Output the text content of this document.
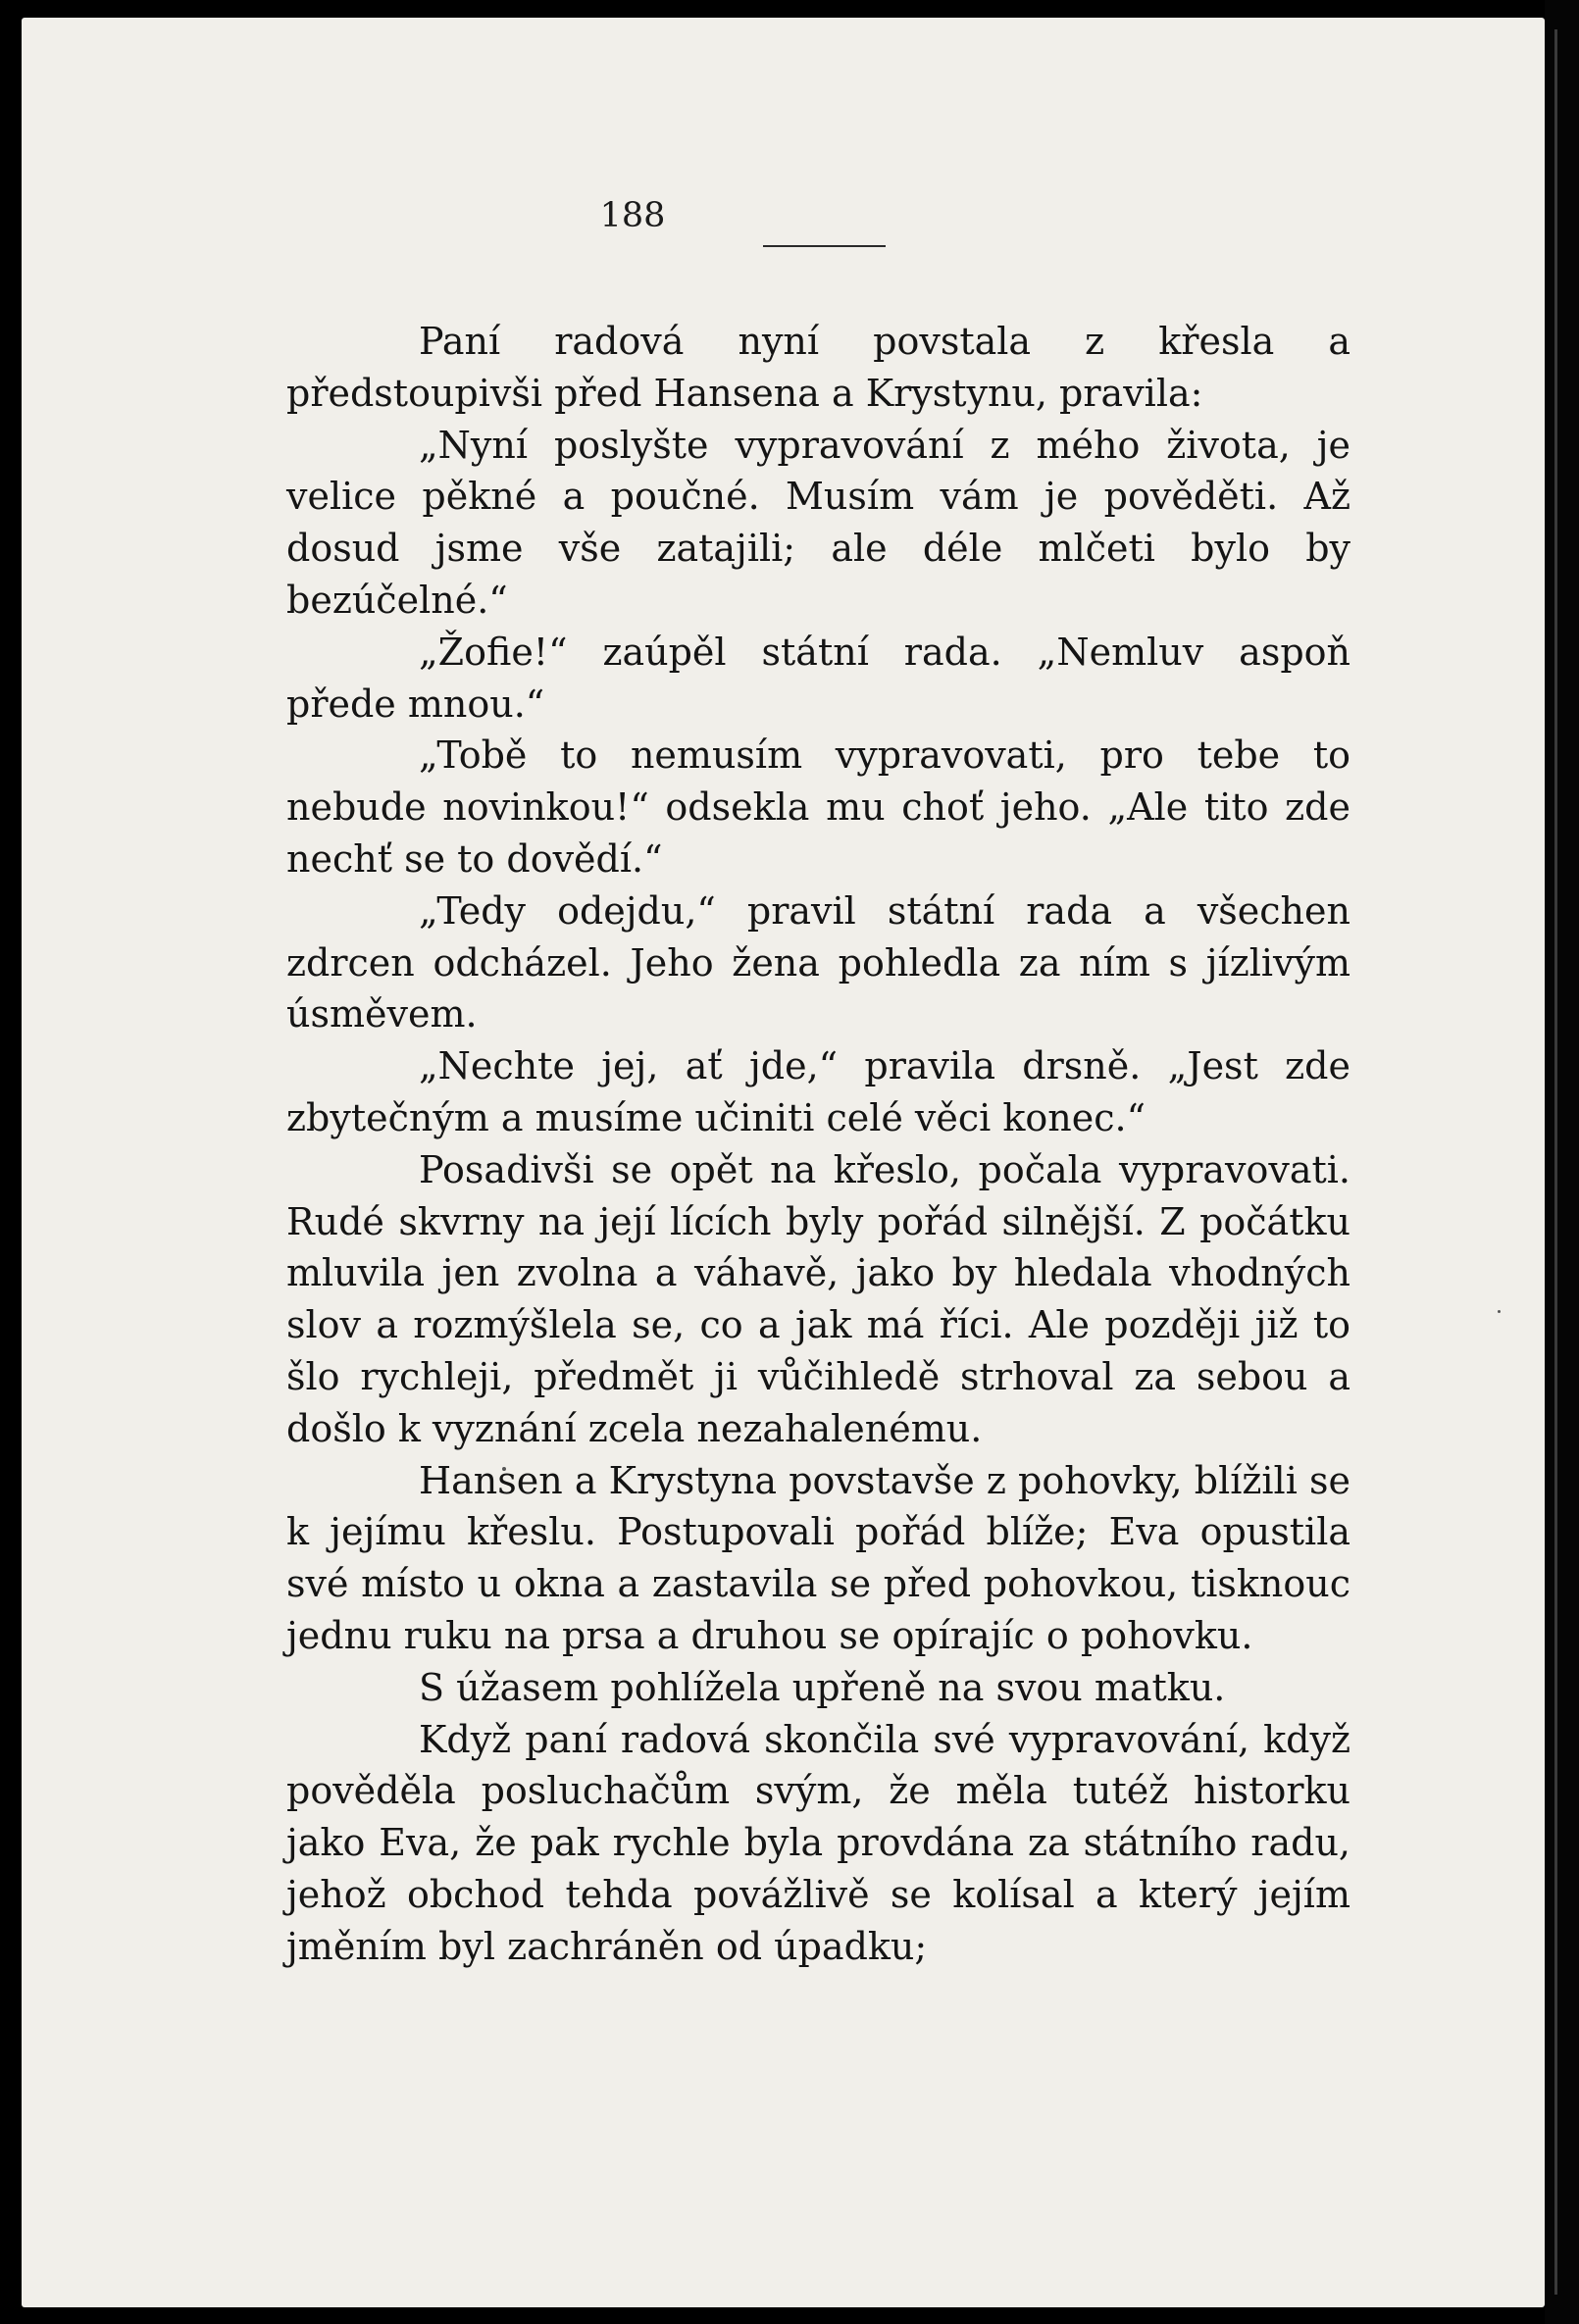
188

Paní radová nyní povstala z křesla a předstoupivši před Hansena a Krystynu, pravila:

„Nyní poslyšte vypravování z mého života, je velice pěkné a poučné. Musím vám je pověděti. Až dosud jsme vše zatajili; ale déle mlčeti bylo by bezúčelné.“

„Žofie!“ zaúpěl státní rada. „Nemluv aspoň přede mnou.“

„Tobě to nemusím vypravovati, pro tebe to nebude novinkou!“ odsekla mu choť jeho. „Ale tito zde nechť se to dovědí.“

„Tedy odejdu,“ pravil státní rada a všechen zdrcen odcházel. Jeho žena pohledla za ním s jízlivým úsměvem.

„Nechte jej, ať jde,“ pravila drsně. „Jest zde zbytečným a musíme učiniti celé věci konec.“

Posadivši se opět na křeslo, počala vypravovati. Rudé skvrny na její lících byly pořád silnější. Z počátku mluvila jen zvolna a váhavě, jako by hledala vhodných slov a rozmýšlela se, co a jak má říci. Ale později již to šlo rychleji, předmět ji vůčihledě strhoval za sebou a došlo k vyznání zcela nezahalenému.

Hansen a Krystyna povstavše z pohovky, blížili se k jejímu křeslu. Postupovali pořád blíže; Eva opustila své místo u okna a zastavila se před pohovkou, tisknouc jednu ruku na prsa a druhou se opírajíc o pohovku.

S úžasem pohlížela upřeně na svou matku.

Když paní radová skončila své vypravování, když pověděla posluchačům svým, že měla tutéž historku jako Eva, že pak rychle byla provdána za státního radu, jehož obchod tehda povážlivě se kolísal a který jejím jměním byl zachráněn od úpadku;
